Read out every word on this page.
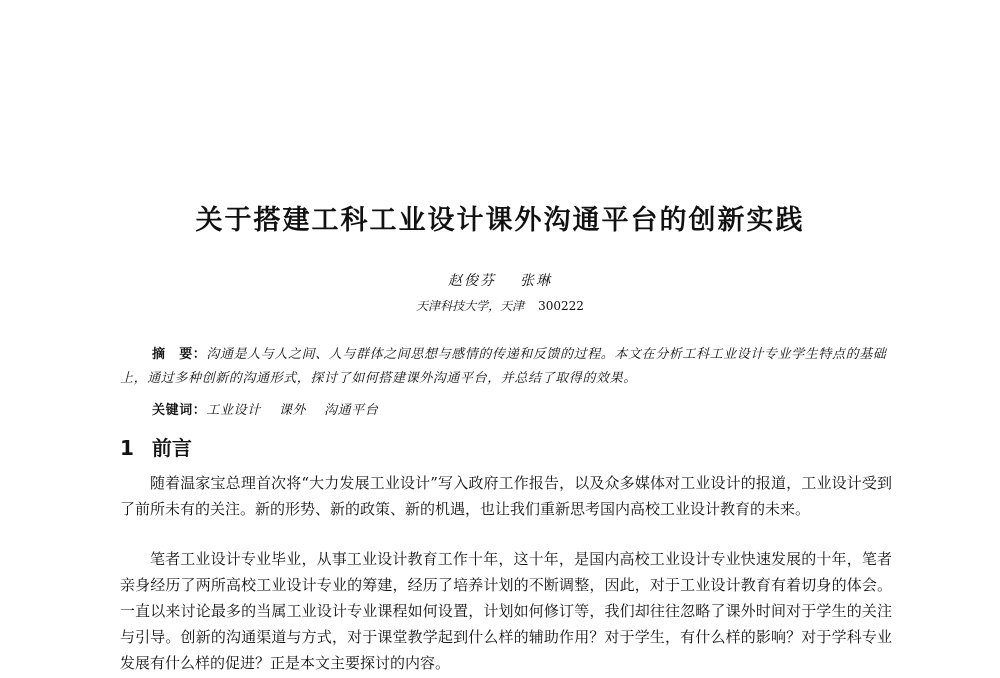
关于搭建工科工业设计课外沟通平台的创新实践

赵俊芬 张琳

天津科技大学，天津 300222

摘　要：沟通是人与人之间、人与群体之间思想与感情的传递和反馈的过程。本文在分析工科工业设计专业学生特点的基础上，通过多种创新的沟通形式，探讨了如何搭建课外沟通平台，并总结了取得的效果。

关键词：工业设计 课外 沟通平台

1 前言

随着温家宝总理首次将“大力发展工业设计”写入政府工作报告，以及众多媒体对工业设计的报道，工业设计受到了前所未有的关注。新的形势、新的政策、新的机遇，也让我们重新思考国内高校工业设计教育的未来。

笔者工业设计专业毕业，从事工业设计教育工作十年，这十年，是国内高校工业设计专业快速发展的十年，笔者亲身经历了两所高校工业设计专业的筹建，经历了培养计划的不断调整，因此，对于工业设计教育有着切身的体会。一直以来讨论最多的当属工业设计专业课程如何设置，计划如何修订等，我们却往往忽略了课外时间对于学生的关注与引导。创新的沟通渠道与方式，对于课堂教学起到什么样的辅助作用？对于学生，有什么样的影响？对于学科专业发展有什么样的促进？正是本文主要探讨的内容。
